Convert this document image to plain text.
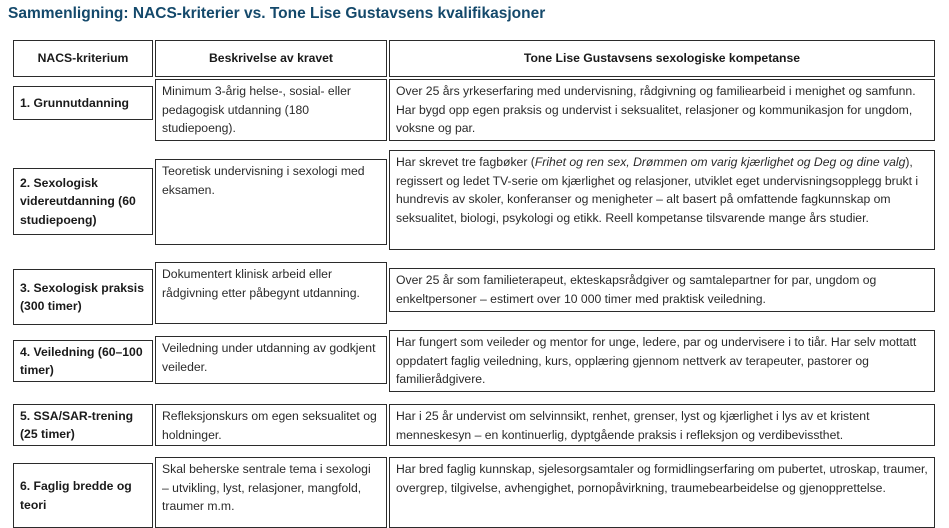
Sammenligning: NACS-kriterier vs. Tone Lise Gustavsens kvalifikasjoner
NACS-kriterium	Beskrivelse av kravet	Tone Lise Gustavsens sexologiske kompetanse
1. Grunnutdanning
Minimum 3-årig helse-, sosial- eller pedagogisk utdanning (180 studiepoeng).
Over 25 års yrkeserfaring med undervisning, rådgivning og familiearbeid i menighet og samfunn. Har bygd opp egen praksis og undervist i seksualitet, relasjoner og kommunikasjon for ungdom, voksne og par.
2. Sexologisk videreutdanning (60 studiepoeng)
Teoretisk undervisning i sexologi med eksamen.
Har skrevet tre fagbøker (Frihet og ren sex, Drømmen om varig kjærlighet og Deg og dine valg), regissert og ledet TV-serie om kjærlighet og relasjoner, utviklet eget undervisningsopplegg brukt i hundrevis av skoler, konferanser og menigheter – alt basert på omfattende fagkunnskap om seksualitet, biologi, psykologi og etikk. Reell kompetanse tilsvarende mange års studier.
3. Sexologisk praksis (300 timer)
Dokumentert klinisk arbeid eller rådgivning etter påbegynt utdanning.
Over 25 år som familieterapeut, ekteskapsrådgiver og samtalepartner for par, ungdom og enkeltpersoner – estimert over 10 000 timer med praktisk veiledning.
4. Veiledning (60–100 timer)
Veiledning under utdanning av godkjent veileder.
Har fungert som veileder og mentor for unge, ledere, par og undervisere i to tiår. Har selv mottatt oppdatert faglig veiledning, kurs, opplæring gjennom nettverk av terapeuter, pastorer og familierådgivere.
5. SSA/SAR-trening (25 timer)
Refleksjonskurs om egen seksualitet og holdninger.
Har i 25 år undervist om selvinnsikt, renhet, grenser, lyst og kjærlighet i lys av et kristent menneskesyn – en kontinuerlig, dyptgående praksis i refleksjon og verdibevissthet.
6. Faglig bredde og teori
Skal beherske sentrale tema i sexologi – utvikling, lyst, relasjoner, mangfold, traumer m.m.
Har bred faglig kunnskap, sjelesorgsamtaler og formidlingserfaring om pubertet, utroskap, traumer, overgrep, tilgivelse, avhengighet, pornopåvirkning, traumebearbeidelse og gjenopprettelse.
